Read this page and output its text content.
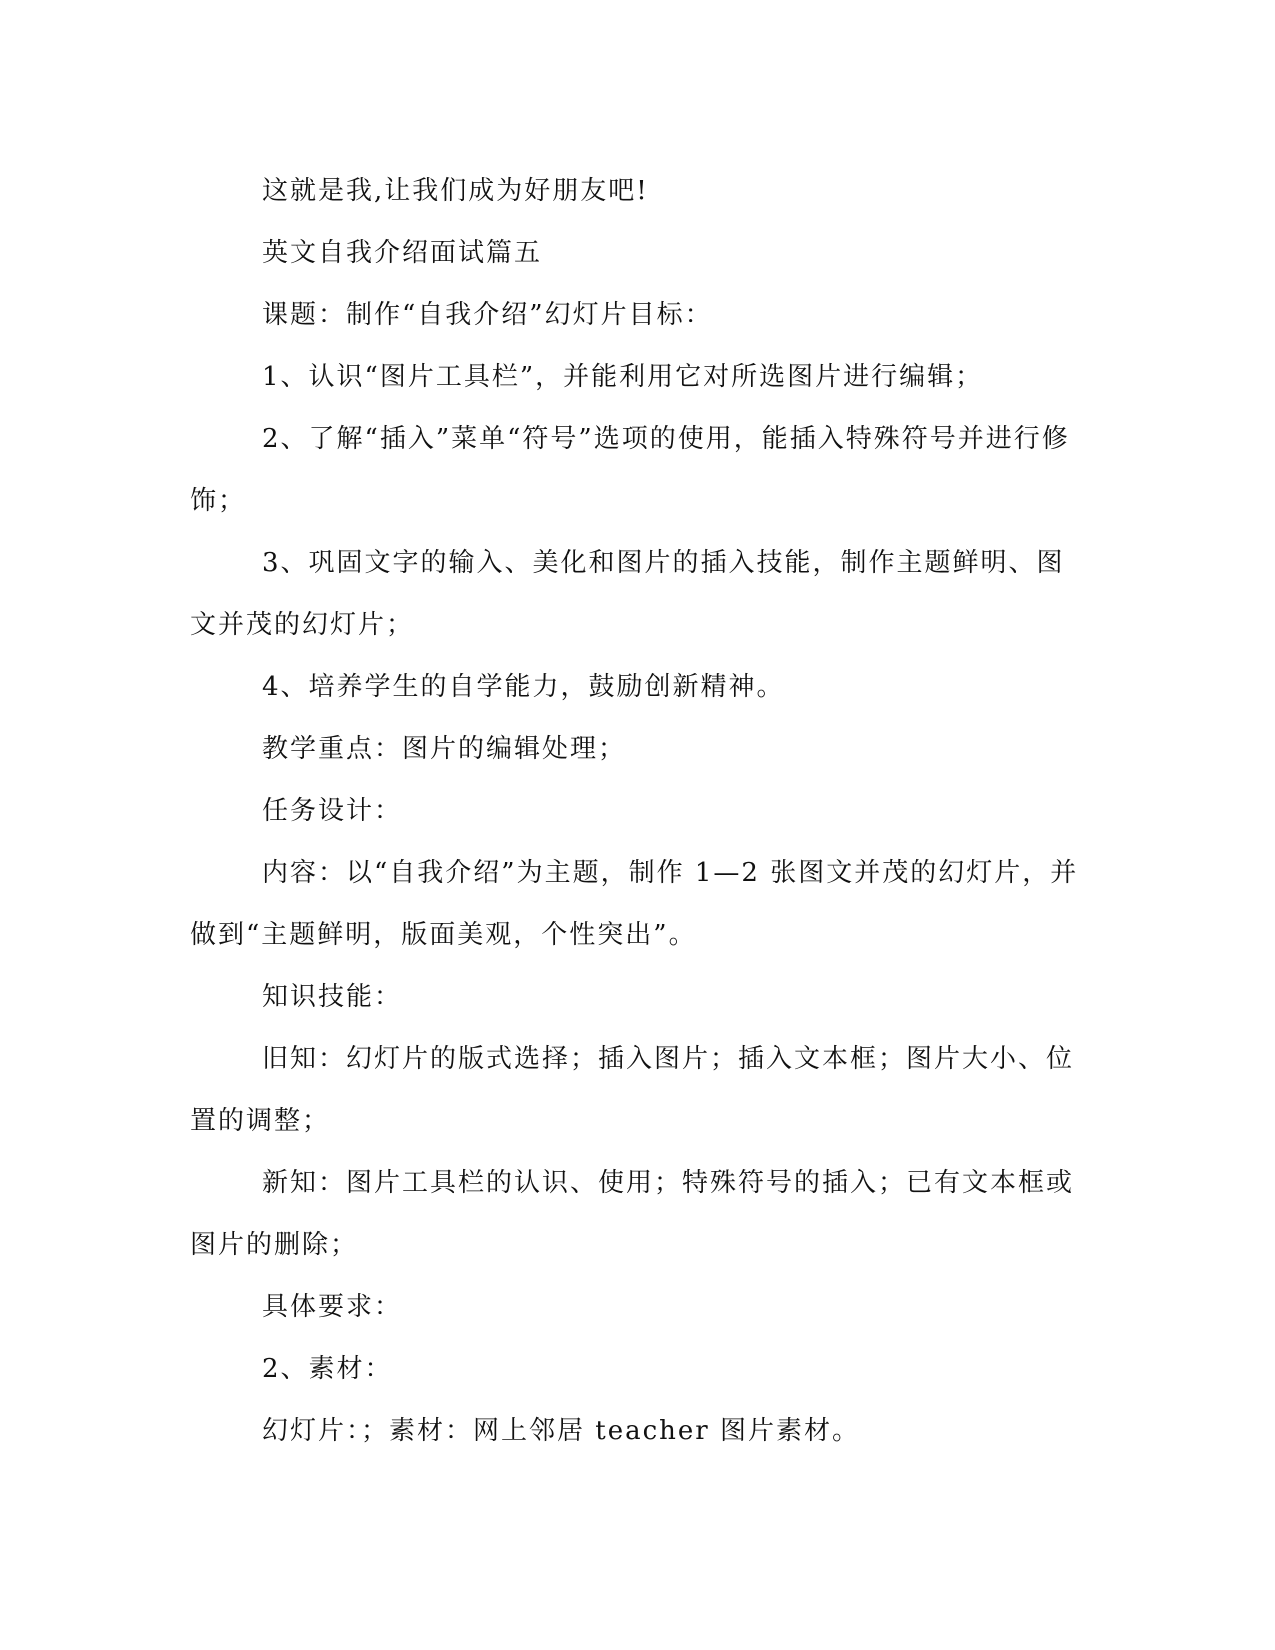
这就是我,让我们成为好朋友吧!

英文自我介绍面试篇五

课题：制作“自我介绍”幻灯片目标：

1、认识“图片工具栏”，并能利用它对所选图片进行编辑；

2、了解“插入”菜单“符号”选项的使用，能插入特殊符号并进行修饰；

3、巩固文字的输入、美化和图片的插入技能，制作主题鲜明、图文并茂的幻灯片；

4、培养学生的自学能力，鼓励创新精神。

教学重点：图片的编辑处理；

任务设计：

内容：以“自我介绍”为主题，制作 1—2 张图文并茂的幻灯片，并做到“主题鲜明，版面美观，个性突出”。

知识技能：

旧知：幻灯片的版式选择；插入图片；插入文本框；图片大小、位置的调整；

新知：图片工具栏的认识、使用；特殊符号的插入；已有文本框或图片的删除；

具体要求：

2、素材：

幻灯片：；素材：网上邻居 teacher 图片素材。
